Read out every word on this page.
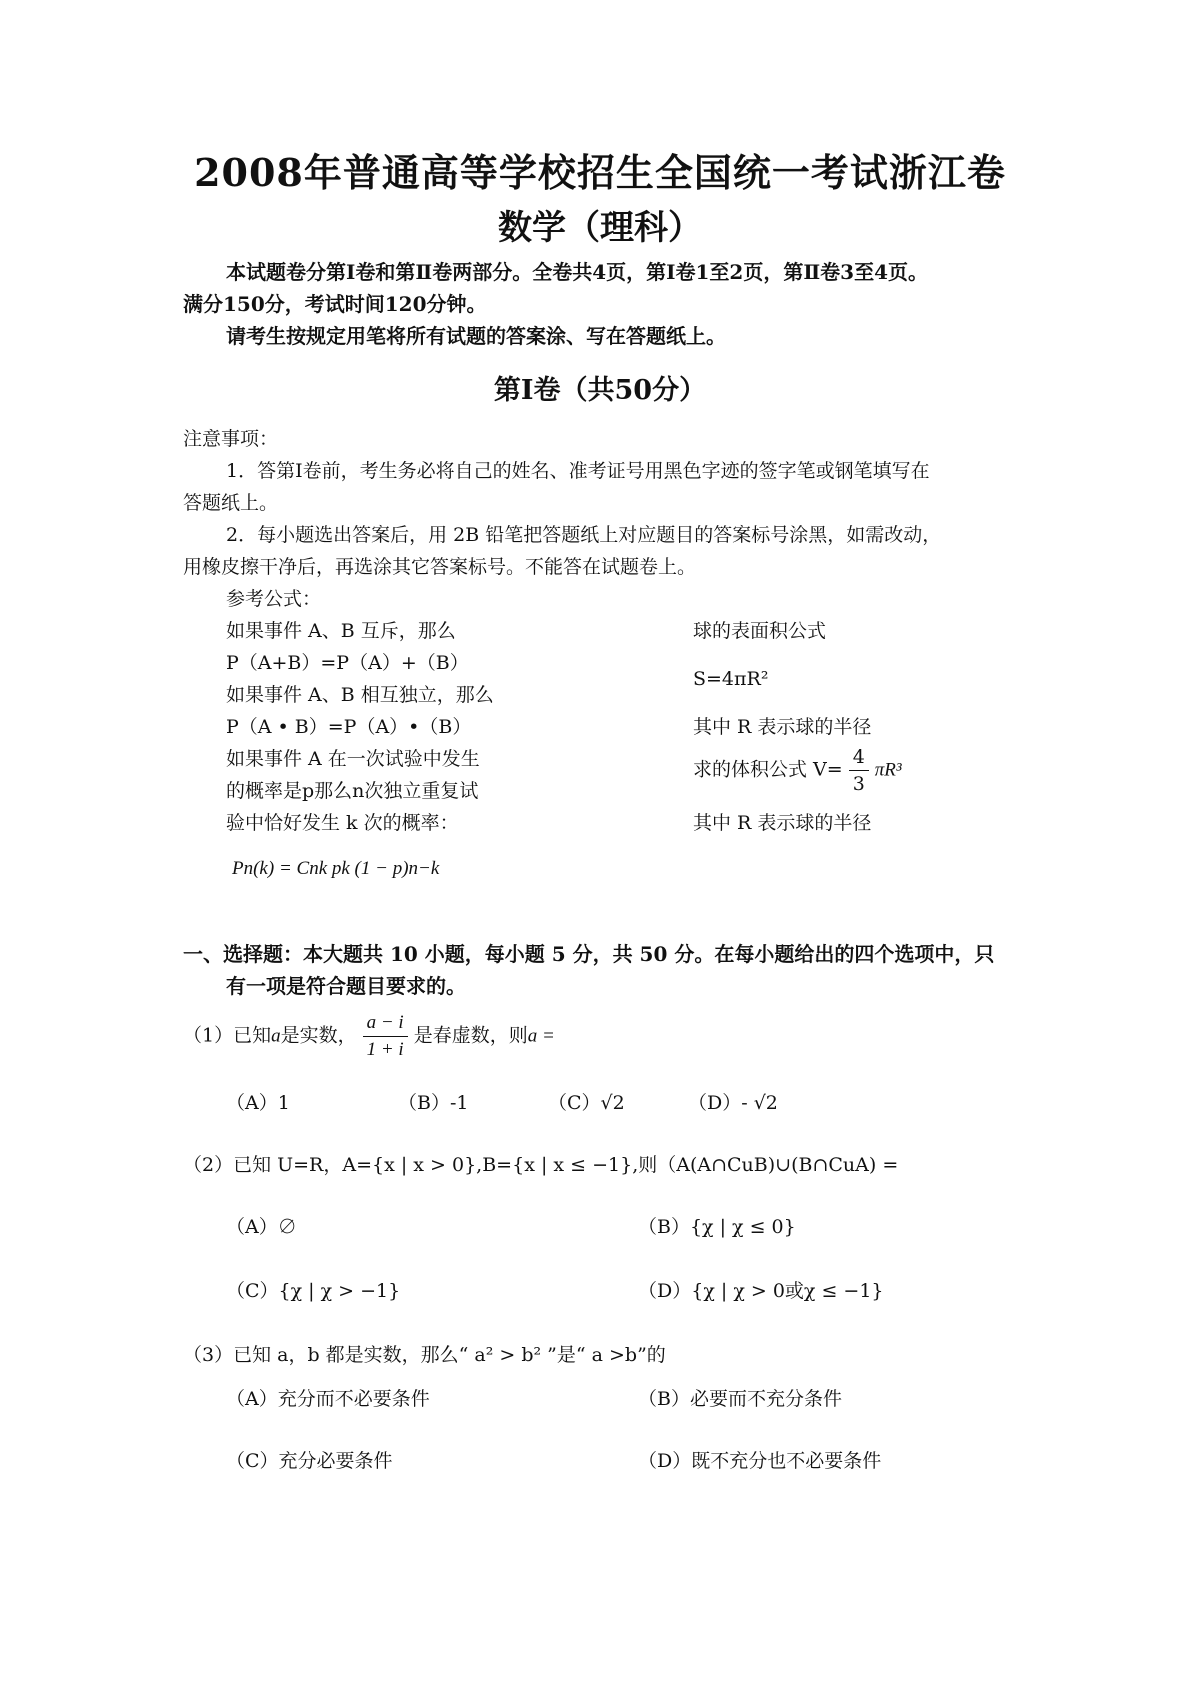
2008年普通高等学校招生全国统一考试浙江卷
数学（理科）
本试题卷分第Ⅰ卷和第Ⅱ卷两部分。全卷共4页，第Ⅰ卷1至2页，第Ⅱ卷3至4页。
满分150分，考试时间120分钟。
请考生按规定用笔将所有试题的答案涂、写在答题纸上。
第Ⅰ卷（共50分）
注意事项：
1．答第Ⅰ卷前，考生务必将自己的姓名、准考证号用黑色字迹的签字笔或钢笔填写在
答题纸上。
2．每小题选出答案后，用 2B 铅笔把答题纸上对应题目的答案标号涂黑，如需改动，
用橡皮擦干净后，再选涂其它答案标号。不能答在试题卷上。
参考公式：
如果事件 A、B 互斥，那么
P（A+B）=P（A）+（B）
如果事件 A、B 相互独立，那么
P（A • B）=P（A）•（B）
如果事件 A 在一次试验中发生
的概率是p那么n次独立重复试
验中恰好发生 k 次的概率：
Pn(k) = Cnk pk (1 − p)n−k
球的表面积公式
S=4πR²
其中 R 表示球的半径
求的体积公式 $V= \frac{4}{3} \pi R^3$
其中 R 表示球的半径
一、选择题：本大题共 10 小题，每小题 5 分，共 50 分。在每小题给出的四个选项中，只
有一项是符合题目要求的。
（1）已知a是实数， $\frac{a - i}{1 + i}$ 是春虚数，则a =
（A）1	（B）-1	（C）√2	（D）- √2
（2）已知 U=R，A={x | x > 0},B={x | x ≤ −1},则（A(A∩CuB)∪(B∩CuA) =
（A）∅	（B）{χ | χ ≤ 0}
（C）{χ | χ > −1}	（D）{χ | χ > 0或χ ≤ −1}
（3）已知 a，b 都是实数，那么“ a² > b² ”是“ a >b”的
（A）充分而不必要条件	（B）必要而不充分条件
（C）充分必要条件	（D）既不充分也不必要条件
